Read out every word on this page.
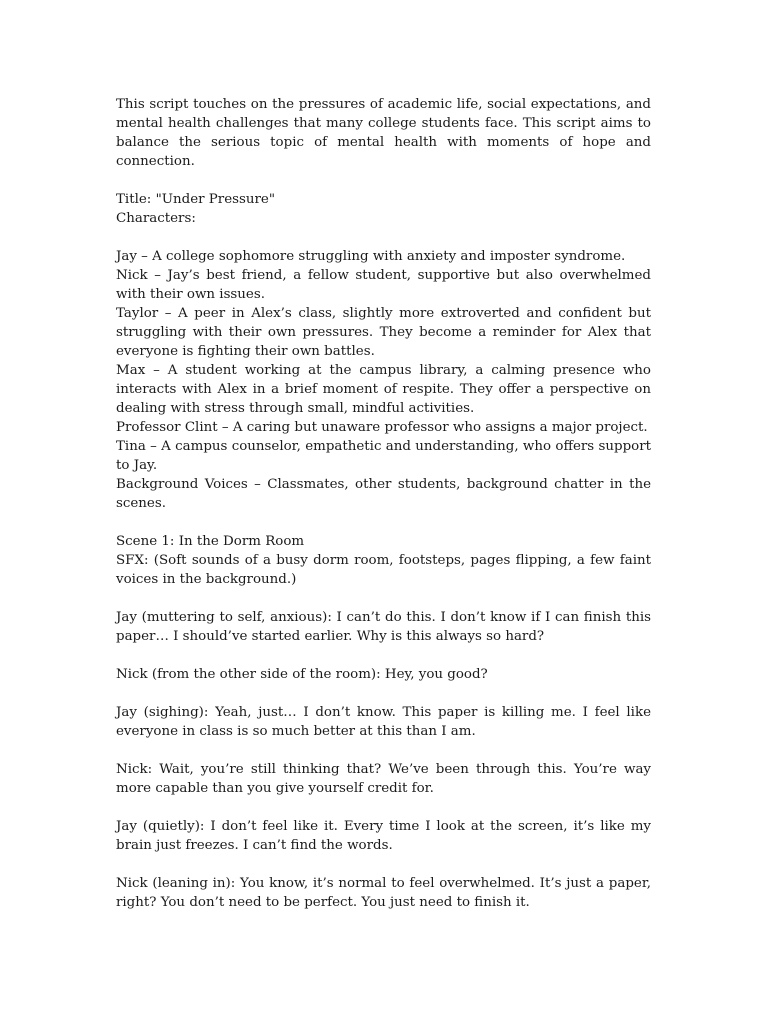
This script touches on the pressures of academic life, social expectations, and mental health challenges that many college students face. This script aims to balance the serious topic of mental health with moments of hope and connection.

Title: "Under Pressure"

Characters:

Jay – A college sophomore struggling with anxiety and imposter syndrome.

Nick – Jay’s best friend, a fellow student, supportive but also overwhelmed with their own issues.

Taylor – A peer in Alex’s class, slightly more extroverted and confident but struggling with their own pressures. They become a reminder for Alex that everyone is fighting their own battles.

Max – A student working at the campus library, a calming presence who interacts with Alex in a brief moment of respite. They offer a perspective on dealing with stress through small, mindful activities.

Professor Clint – A caring but unaware professor who assigns a major project.

Tina – A campus counselor, empathetic and understanding, who offers support to Jay.

Background Voices – Classmates, other students, background chatter in the scenes.

Scene 1: In the Dorm Room

SFX: (Soft sounds of a busy dorm room, footsteps, pages flipping, a few faint voices in the background.)

Jay (muttering to self, anxious): I can’t do this. I don’t know if I can finish this paper… I should’ve started earlier. Why is this always so hard?

Nick (from the other side of the room): Hey, you good?

Jay (sighing): Yeah, just… I don’t know. This paper is killing me. I feel like everyone in class is so much better at this than I am.

Nick: Wait, you’re still thinking that? We’ve been through this. You’re way more capable than you give yourself credit for.

Jay (quietly): I don’t feel like it. Every time I look at the screen, it’s like my brain just freezes. I can’t find the words.

Nick (leaning in): You know, it’s normal to feel overwhelmed. It’s just a paper, right? You don’t need to be perfect. You just need to finish it.
